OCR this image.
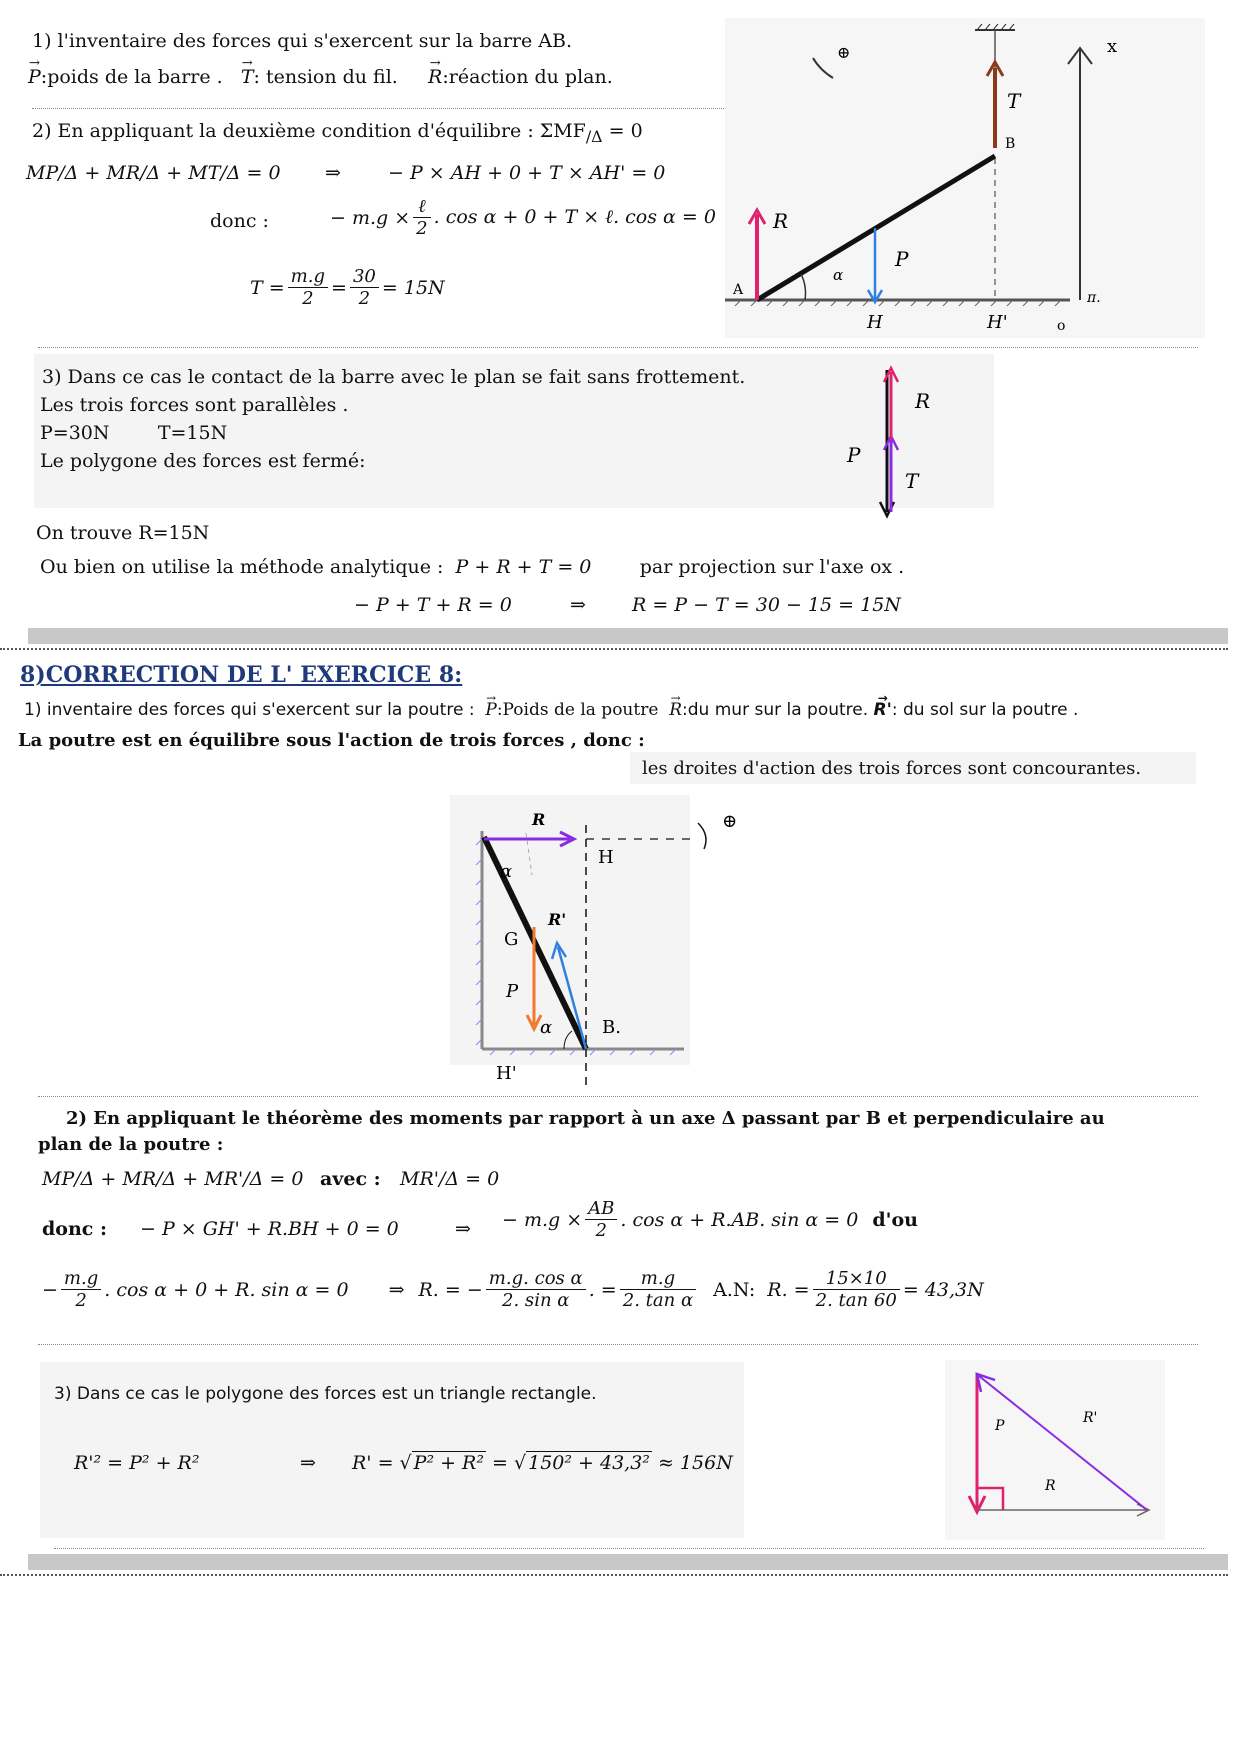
1) l'inventaire des forces qui s'exercent sur la barre AB.
→ P:poids de la barre . → T: tension du fil. → R:réaction du plan.
2) En appliquant la deuxième condition d'équilibre : $\Sigma MF_{/\Delta} = 0$
MP/Δ + MR/Δ + MT/Δ = 0 ⇒ − P × AH + 0 + T × AH' = 0
donc :	− $m.g \times \frac{\text{ℓ}}{2}$ . cos α + 0 + T × ℓ. cos α = 0
$T = \frac{m.g}{2} = \frac{30}{2} = 15N$
T
x
⊕
A
B
R
P
α
H	H'	o
π.
3) Dans ce cas le contact de la barre avec le plan se fait sans frottement.
Les trois forces sont parallèles .
P=30N        T=15N
Le polygone des forces est fermé:
R
P
T
On trouve R=15N
Ou bien on utilise la méthode analytique : P + R + T = 0	par projection sur l'axe ox .
− P + T + R = 0	⇒ R = P − T = 30 − 15 = 15N
8)CORRECTION DE L' EXERCICE 8:
1) inventaire des forces qui s'exercent sur la poutre : → P:Poids de la poutre → R:du mur sur la poutre. → R': du sol sur la poutre .
La poutre est en équilibre sous l'action de trois forces , donc :
les droites d'action des trois forces sont concourantes.
R
H
⊕
P
G
R'
α
α	B.
H'
2) En appliquant le théorème des moments par rapport à un axe Δ passant par B et perpendiculaire au
plan de la poutre :
MP/Δ + MR/Δ + MR'/Δ = 0 avec : MR'/Δ = 0
donc : − P × GH' + R.BH + 0 = 0	⇒ − $m.g \times \frac{AB}{2}$ . cos α + R.AB. sin α = 0 d'ou
− $\frac{m.g}{2}$ . cos α + 0 + R. sin α = 0 ⇒ R. = − $\frac{\text{m.g. cos α}}{\text{2. sin α}}$ . = $\frac{m.g}{\text{2. tan α}} A.N$: R. = $\frac{15\times 10}{2. \tan 60} = 43,3N$
3) Dans ce cas le polygone des forces est un triangle rectangle.
R'² = P² + R²	⇒ R' = √ P² + R² = √ 150² + 43,3² ≈ 156N
P
R
R'
